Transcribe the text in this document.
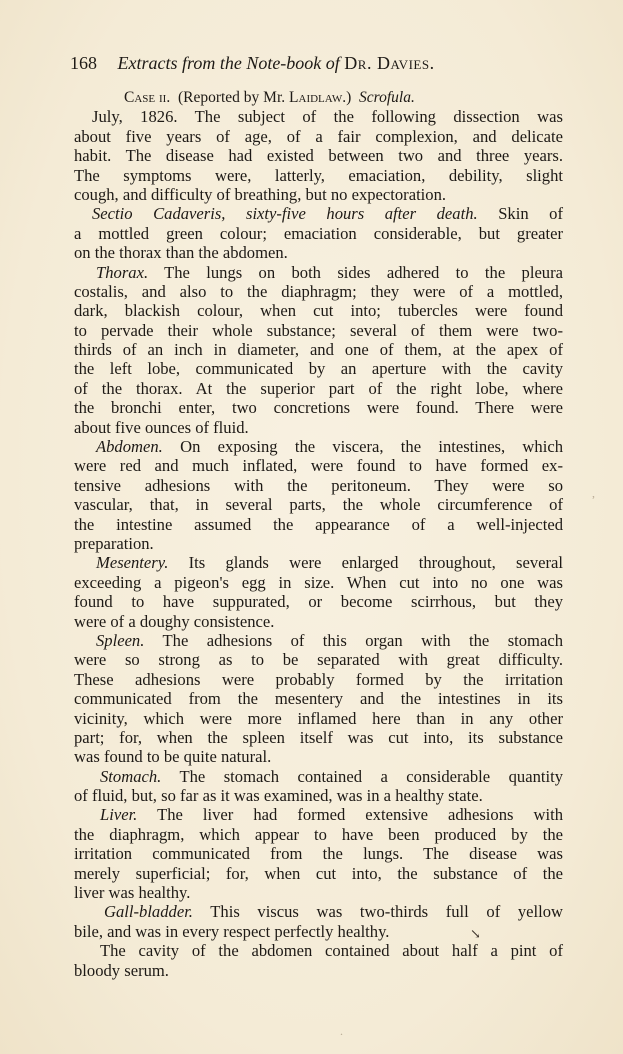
168 Extracts from the Note-book of Dr. Davies.
Case ii. (Reported by Mr. Laidlaw.) Scrofula.
July, 1826. The subject of the following dissection was
about five years of age, of a fair complexion, and delicate
habit. The disease had existed between two and three years.
The symptoms were, latterly, emaciation, debility, slight
cough, and difficulty of breathing, but no expectoration.
Sectio Cadaveris, sixty-five hours after death. Skin of
a mottled green colour; emaciation considerable, but greater
on the thorax than the abdomen.
Thorax. The lungs on both sides adhered to the pleura
costalis, and also to the diaphragm; they were of a mottled,
dark, blackish colour, when cut into; tubercles were found
to pervade their whole substance; several of them were two-
thirds of an inch in diameter, and one of them, at the apex of
the left lobe, communicated by an aperture with the cavity
of the thorax. At the superior part of the right lobe, where
the bronchi enter, two concretions were found. There were
about five ounces of fluid.
Abdomen. On exposing the viscera, the intestines, which
were red and much inflated, were found to have formed ex-
tensive adhesions with the peritoneum. They were so
vascular, that, in several parts, the whole circumference of
the intestine assumed the appearance of a well-injected
preparation.
Mesentery. Its glands were enlarged throughout, several
exceeding a pigeon's egg in size. When cut into no one was
found to have suppurated, or become scirrhous, but they
were of a doughy consistence.
Spleen. The adhesions of this organ with the stomach
were so strong as to be separated with great difficulty.
These adhesions were probably formed by the irritation
communicated from the mesentery and the intestines in its
vicinity, which were more inflamed here than in any other
part; for, when the spleen itself was cut into, its substance
was found to be quite natural.
Stomach. The stomach contained a considerable quantity
of fluid, but, so far as it was examined, was in a healthy state.
Liver. The liver had formed extensive adhesions with
the diaphragm, which appear to have been produced by the
irritation communicated from the lungs. The disease was
merely superficial; for, when cut into, the substance of the
liver was healthy.
Gall-bladder. This viscus was two-thirds full of yellow
bile, and was in every respect perfectly healthy.
The cavity of the abdomen contained about half a pint of
bloody serum.
,
↘
.
